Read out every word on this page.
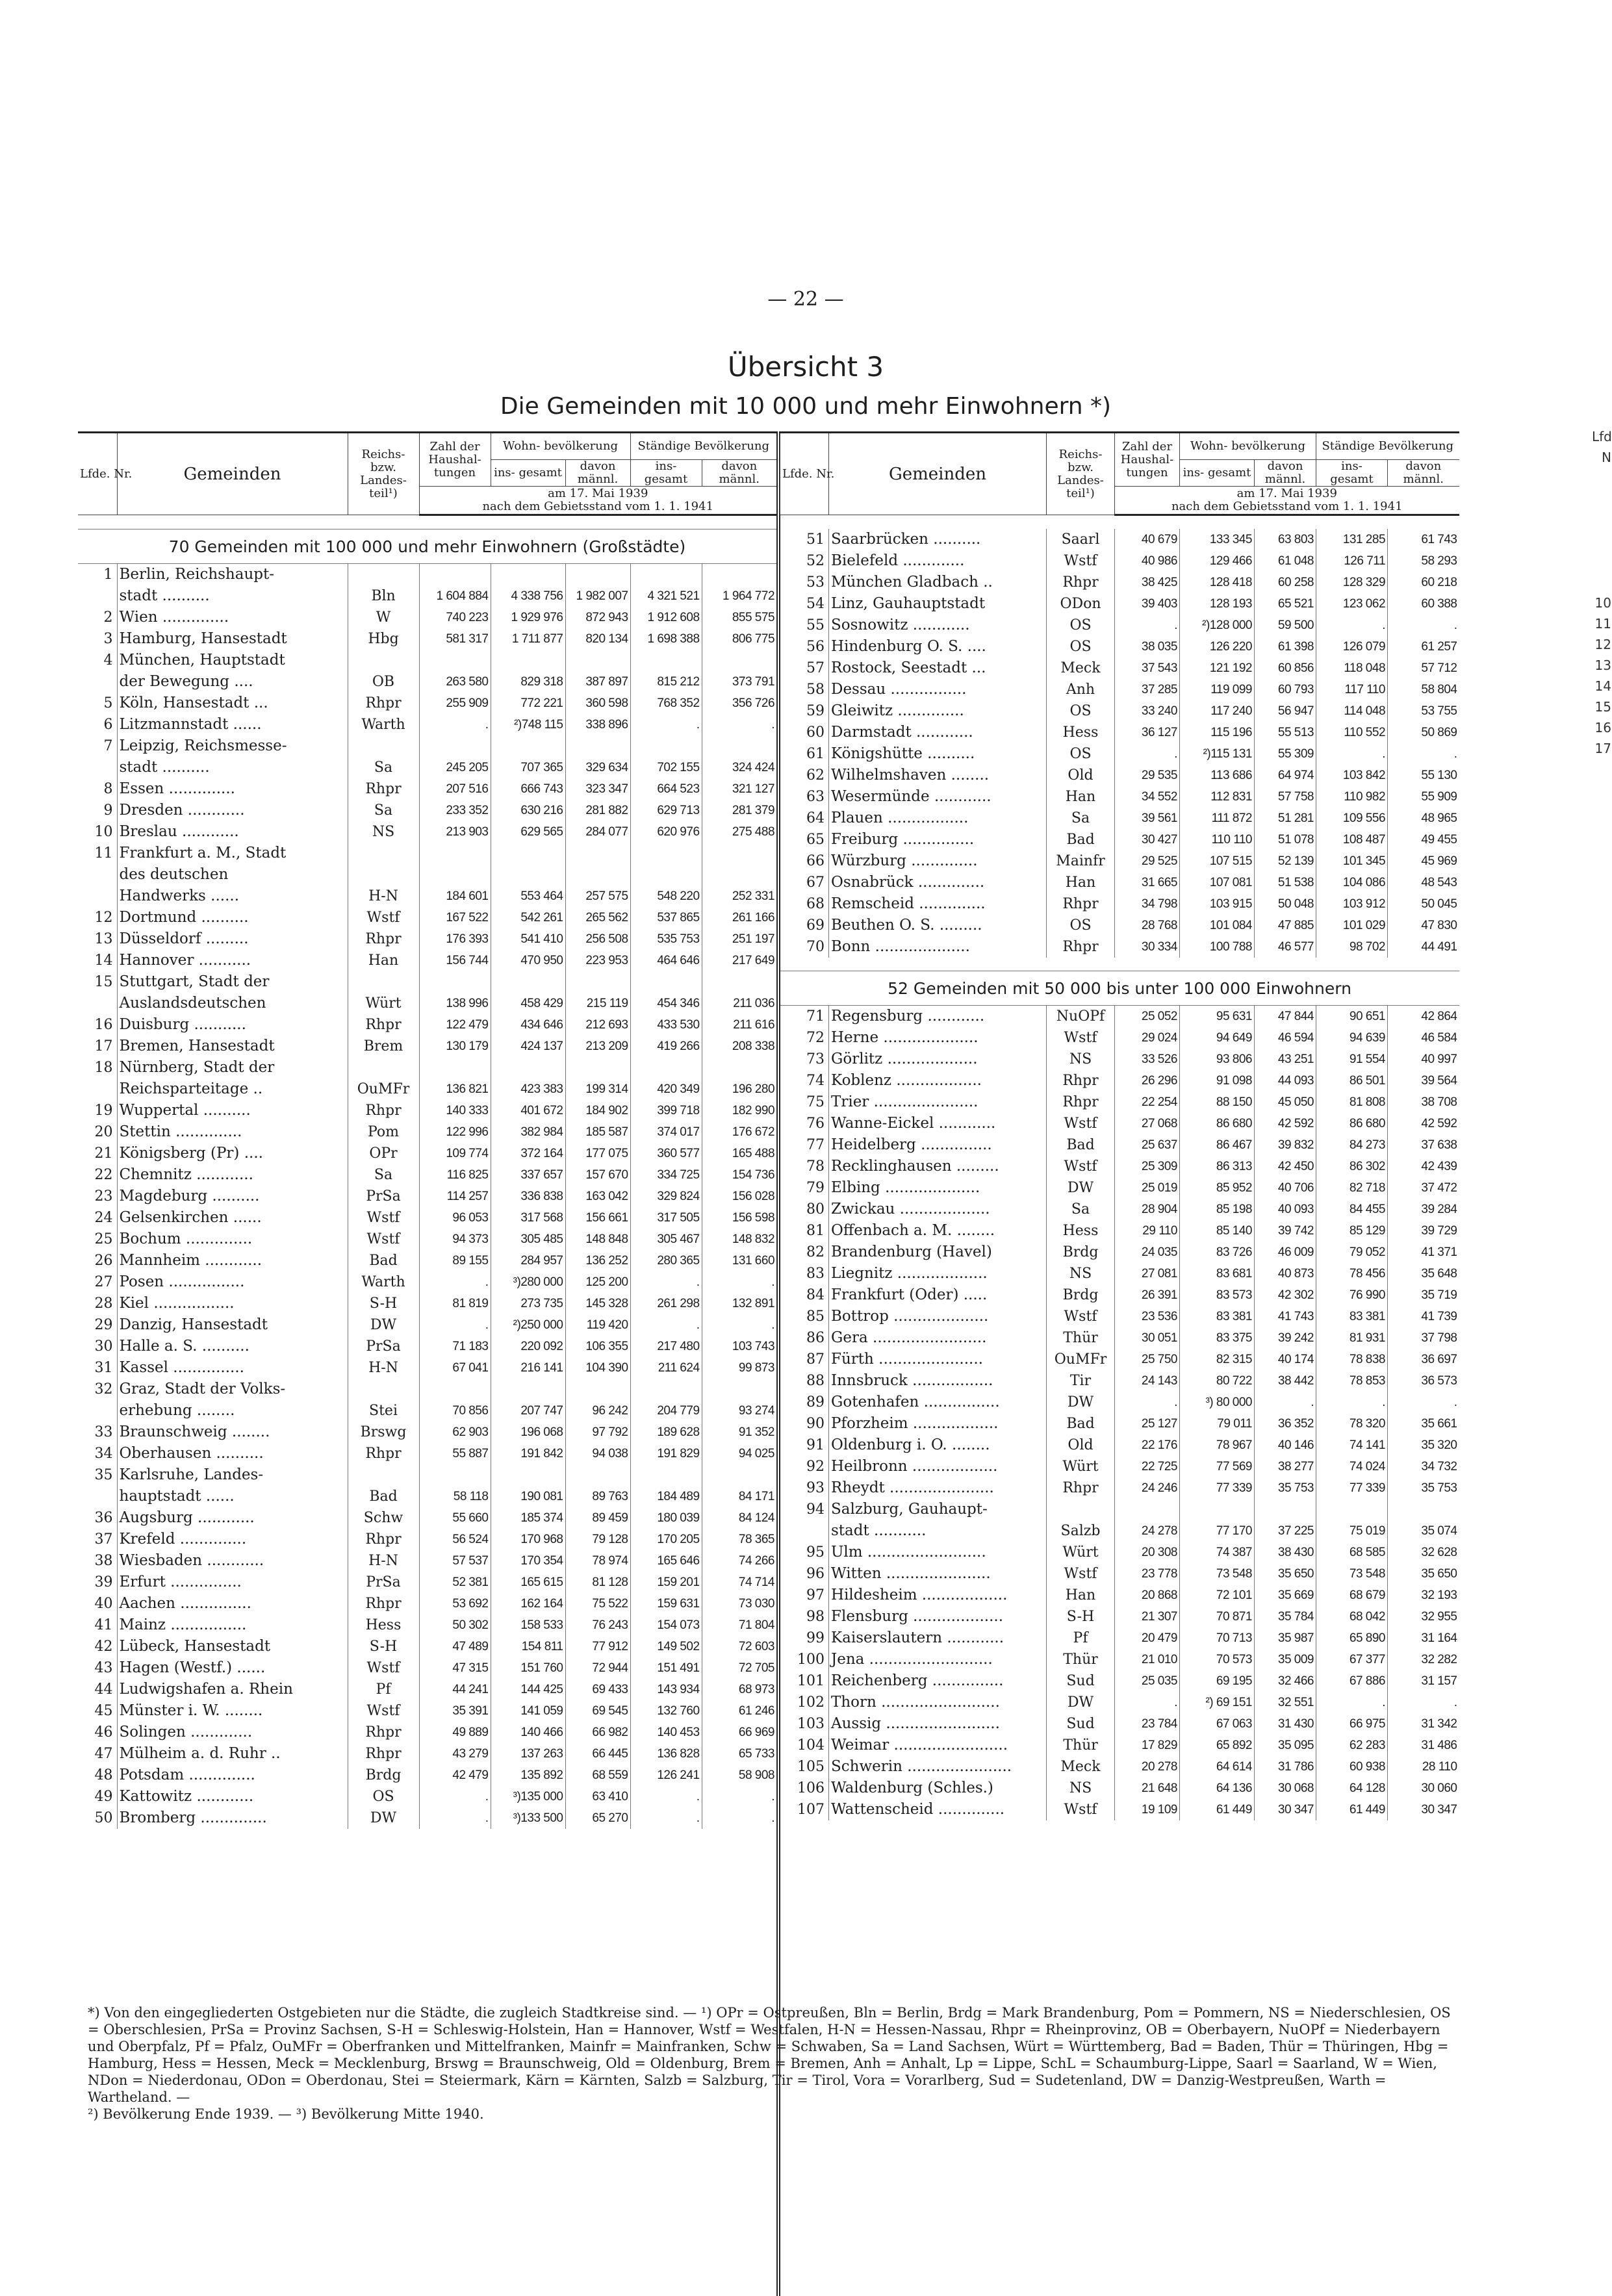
— 22 —
Übersicht 3
Die Gemeinden mit 10 000 und mehr Einwohnern *)
Lfde. Nr.	Gemeinden	Reichs- bzw. Landes- teil¹)	Zahl der Haushal- tungen	Wohn- bevölkerung		Ständige Bevölkerung	
				ins- gesamt	davon männl.	ins- gesamt	davon männl.

			am 17. Mai 1939
nach dem Gebietsstand vom 1. 1. 1941				

70 Gemeinden mit 100 000 und mehr Einwohnern (Großstädte)							
1	Berlin, Reichshaupt-						
	stadt ..........	Bln	1 604 884	4 338 756	1 982 007	4 321 521	1 964 772
2	Wien ..............	W	740 223	1 929 976	872 943	1 912 608	855 575
3	Hamburg, Hansestadt	Hbg	581 317	1 711 877	820 134	1 698 388	806 775
4	München, Hauptstadt						
	der Bewegung ....	OB	263 580	829 318	387 897	815 212	373 791
5	Köln, Hansestadt ...	Rhpr	255 909	772 221	360 598	768 352	356 726
6	Litzmannstadt ......	Warth	.	²)748 115	338 896	.	.
7	Leipzig, Reichsmesse-						
	stadt ..........	Sa	245 205	707 365	329 634	702 155	324 424
8	Essen ..............	Rhpr	207 516	666 743	323 347	664 523	321 127
9	Dresden ............	Sa	233 352	630 216	281 882	629 713	281 379
10	Breslau ............	NS	213 903	629 565	284 077	620 976	275 488
11	Frankfurt a. M., Stadt						
	des deutschen						
	Handwerks ......	H-N	184 601	553 464	257 575	548 220	252 331
12	Dortmund ..........	Wstf	167 522	542 261	265 562	537 865	261 166
13	Düsseldorf .........	Rhpr	176 393	541 410	256 508	535 753	251 197
14	Hannover ...........	Han	156 744	470 950	223 953	464 646	217 649
15	Stuttgart, Stadt der						
	Auslandsdeutschen	Würt	138 996	458 429	215 119	454 346	211 036
16	Duisburg ...........	Rhpr	122 479	434 646	212 693	433 530	211 616
17	Bremen, Hansestadt	Brem	130 179	424 137	213 209	419 266	208 338
18	Nürnberg, Stadt der						
	Reichsparteitage ..	OuMFr	136 821	423 383	199 314	420 349	196 280
19	Wuppertal ..........	Rhpr	140 333	401 672	184 902	399 718	182 990
20	Stettin ..............	Pom	122 996	382 984	185 587	374 017	176 672
21	Königsberg (Pr) ....	OPr	109 774	372 164	177 075	360 577	165 488
22	Chemnitz ............	Sa	116 825	337 657	157 670	334 725	154 736
23	Magdeburg ..........	PrSa	114 257	336 838	163 042	329 824	156 028
24	Gelsenkirchen ......	Wstf	96 053	317 568	156 661	317 505	156 598
25	Bochum ..............	Wstf	94 373	305 485	148 848	305 467	148 832
26	Mannheim ............	Bad	89 155	284 957	136 252	280 365	131 660
27	Posen ................	Warth	.	³)280 000	125 200	.	.
28	Kiel .................	S-H	81 819	273 735	145 328	261 298	132 891
29	Danzig, Hansestadt	DW	.	²)250 000	119 420	.	.
30	Halle a. S. ..........	PrSa	71 183	220 092	106 355	217 480	103 743
31	Kassel ...............	H-N	67 041	216 141	104 390	211 624	99 873
32	Graz, Stadt der Volks-						
	erhebung ........	Stei	70 856	207 747	96 242	204 779	93 274
33	Braunschweig ........	Brswg	62 903	196 068	97 792	189 628	91 352
34	Oberhausen ..........	Rhpr	55 887	191 842	94 038	191 829	94 025
35	Karlsruhe, Landes-						
	hauptstadt ......	Bad	58 118	190 081	89 763	184 489	84 171
36	Augsburg ............	Schw	55 660	185 374	89 459	180 039	84 124
37	Krefeld ..............	Rhpr	56 524	170 968	79 128	170 205	78 365
38	Wiesbaden ............	H-N	57 537	170 354	78 974	165 646	74 266
39	Erfurt ...............	PrSa	52 381	165 615	81 128	159 201	74 714
40	Aachen ...............	Rhpr	53 692	162 164	75 522	159 631	73 030
41	Mainz ................	Hess	50 302	158 533	76 243	154 073	71 804
42	Lübeck, Hansestadt	S-H	47 489	154 811	77 912	149 502	72 603
43	Hagen (Westf.) ......	Wstf	47 315	151 760	72 944	151 491	72 705
44	Ludwigshafen a. Rhein	Pf	44 241	144 425	69 433	143 934	68 973
45	Münster i. W. ........	Wstf	35 391	141 059	69 545	132 760	61 246
46	Solingen .............	Rhpr	49 889	140 466	66 982	140 453	66 969
47	Mülheim a. d. Ruhr ..	Rhpr	43 279	137 263	66 445	136 828	65 733
48	Potsdam ..............	Brdg	42 479	135 892	68 559	126 241	58 908
49	Kattowitz ............	OS	.	³)135 000	63 410	.	.
50	Bromberg ..............	DW	.	³)133 500	65 270	.	.
Lfde. Nr.	Gemeinden	Reichs- bzw. Landes- teil¹)	Zahl der Haushal- tungen	Wohn- bevölkerung		Ständige Bevölkerung	
				ins- gesamt	davon männl.	ins- gesamt	davon männl.

			am 17. Mai 1939
nach dem Gebietsstand vom 1. 1. 1941				

51	Saarbrücken ..........	Saarl	40 679	133 345	63 803	131 285	61 743
52	Bielefeld .............	Wstf	40 986	129 466	61 048	126 711	58 293
53	München Gladbach ..	Rhpr	38 425	128 418	60 258	128 329	60 218
54	Linz, Gauhauptstadt	ODon	39 403	128 193	65 521	123 062	60 388
55	Sosnowitz ............	OS	.	²)128 000	59 500	.	.
56	Hindenburg O. S. ....	OS	38 035	126 220	61 398	126 079	61 257
57	Rostock, Seestadt ...	Meck	37 543	121 192	60 856	118 048	57 712
58	Dessau ................	Anh	37 285	119 099	60 793	117 110	58 804
59	Gleiwitz ..............	OS	33 240	117 240	56 947	114 048	53 755
60	Darmstadt ............	Hess	36 127	115 196	55 513	110 552	50 869
61	Königshütte ..........	OS	.	²)115 131	55 309	.	.
62	Wilhelmshaven ........	Old	29 535	113 686	64 974	103 842	55 130
63	Wesermünde ............	Han	34 552	112 831	57 758	110 982	55 909
64	Plauen .................	Sa	39 561	111 872	51 281	109 556	48 965
65	Freiburg ...............	Bad	30 427	110 110	51 078	108 487	49 455
66	Würzburg ..............	Mainfr	29 525	107 515	52 139	101 345	45 969
67	Osnabrück ..............	Han	31 665	107 081	51 538	104 086	48 543
68	Remscheid ..............	Rhpr	34 798	103 915	50 048	103 912	50 045
69	Beuthen O. S. .........	OS	28 768	101 084	47 885	101 029	47 830
70	Bonn ....................	Rhpr	30 334	100 788	46 577	98 702	44 491

52 Gemeinden mit 50 000 bis unter 100 000 Einwohnern							
71	Regensburg ............	NuOPf	25 052	95 631	47 844	90 651	42 864
72	Herne ....................	Wstf	29 024	94 649	46 594	94 639	46 584
73	Görlitz ...................	NS	33 526	93 806	43 251	91 554	40 997
74	Koblenz ..................	Rhpr	26 296	91 098	44 093	86 501	39 564
75	Trier ......................	Rhpr	22 254	88 150	45 050	81 808	38 708
76	Wanne-Eickel ............	Wstf	27 068	86 680	42 592	86 680	42 592
77	Heidelberg ...............	Bad	25 637	86 467	39 832	84 273	37 638
78	Recklinghausen .........	Wstf	25 309	86 313	42 450	86 302	42 439
79	Elbing ....................	DW	25 019	85 952	40 706	82 718	37 472
80	Zwickau ...................	Sa	28 904	85 198	40 093	84 455	39 284
81	Offenbach a. M. ........	Hess	29 110	85 140	39 742	85 129	39 729
82	Brandenburg (Havel)	Brdg	24 035	83 726	46 009	79 052	41 371
83	Liegnitz ...................	NS	27 081	83 681	40 873	78 456	35 648
84	Frankfurt (Oder) .....	Brdg	26 391	83 573	42 302	76 990	35 719
85	Bottrop ....................	Wstf	23 536	83 381	41 743	83 381	41 739
86	Gera ........................	Thür	30 051	83 375	39 242	81 931	37 798
87	Fürth ......................	OuMFr	25 750	82 315	40 174	78 838	36 697
88	Innsbruck .................	Tir	24 143	80 722	38 442	78 853	36 573
89	Gotenhafen ................	DW	.	³) 80 000	.	.	.
90	Pforzheim ..................	Bad	25 127	79 011	36 352	78 320	35 661
91	Oldenburg i. O. ........	Old	22 176	78 967	40 146	74 141	35 320
92	Heilbronn ..................	Würt	22 725	77 569	38 277	74 024	34 732
93	Rheydt ......................	Rhpr	24 246	77 339	35 753	77 339	35 753
94	Salzburg, Gauhaupt-						
	stadt ...........	Salzb	24 278	77 170	37 225	75 019	35 074
95	Ulm .........................	Würt	20 308	74 387	38 430	68 585	32 628
96	Witten ......................	Wstf	23 778	73 548	35 650	73 548	35 650
97	Hildesheim ..................	Han	20 868	72 101	35 669	68 679	32 193
98	Flensburg ...................	S-H	21 307	70 871	35 784	68 042	32 955
99	Kaiserslautern ............	Pf	20 479	70 713	35 987	65 890	31 164
100	Jena ..........................	Thür	21 010	70 573	35 009	67 377	32 282
101	Reichenberg ...............	Sud	25 035	69 195	32 466	67 886	31 157
102	Thorn .........................	DW	.	²) 69 151	32 551	.	.
103	Aussig ........................	Sud	23 784	67 063	31 430	66 975	31 342
104	Weimar ........................	Thür	17 829	65 892	35 095	62 283	31 486
105	Schwerin ......................	Meck	20 278	64 614	31 786	60 938	28 110
106	Waldenburg (Schles.)	NS	21 648	64 136	30 068	64 128	30 060
107	Wattenscheid ..............	Wstf	19 109	61 449	30 347	61 449	30 347

*) Von den eingegliederten Ostgebieten nur die Städte, die zugleich Stadtkreise sind. — ¹) OPr = Ostpreußen, Bln = Berlin, Brdg = Mark Brandenburg, Pom = Pommern, NS = Niederschlesien, OS = Oberschlesien, PrSa = Provinz Sachsen, S-H = Schleswig-Holstein, Han = Hannover, Wstf = Westfalen, H-N = Hessen-Nassau, Rhpr = Rheinprovinz, OB = Oberbayern, NuOPf = Niederbayern und Oberpfalz, Pf = Pfalz, OuMFr = Oberfranken und Mittelfranken, Mainfr = Mainfranken, Schw = Schwaben, Sa = Land Sachsen, Würt = Württemberg, Bad = Baden, Thür = Thüringen, Hbg = Hamburg, Hess = Hessen, Meck = Mecklenburg, Brswg = Braunschweig, Old = Oldenburg, Brem = Bremen, Anh = Anhalt, Lp = Lippe, SchL = Schaumburg-Lippe, Saarl = Saarland, W = Wien, NDon = Niederdonau, ODon = Oberdonau, Stei = Steiermark, Kärn = Kärnten, Salzb = Salzburg, Tir = Tirol, Vora = Vorarlberg, Sud = Sudetenland, DW = Danzig-Westpreußen, Warth = Wartheland. —

²) Bevölkerung Ende 1939. — ³) Bevölkerung Mitte 1940.

Lfd
N
10
11
12
13
14
15
16
17
